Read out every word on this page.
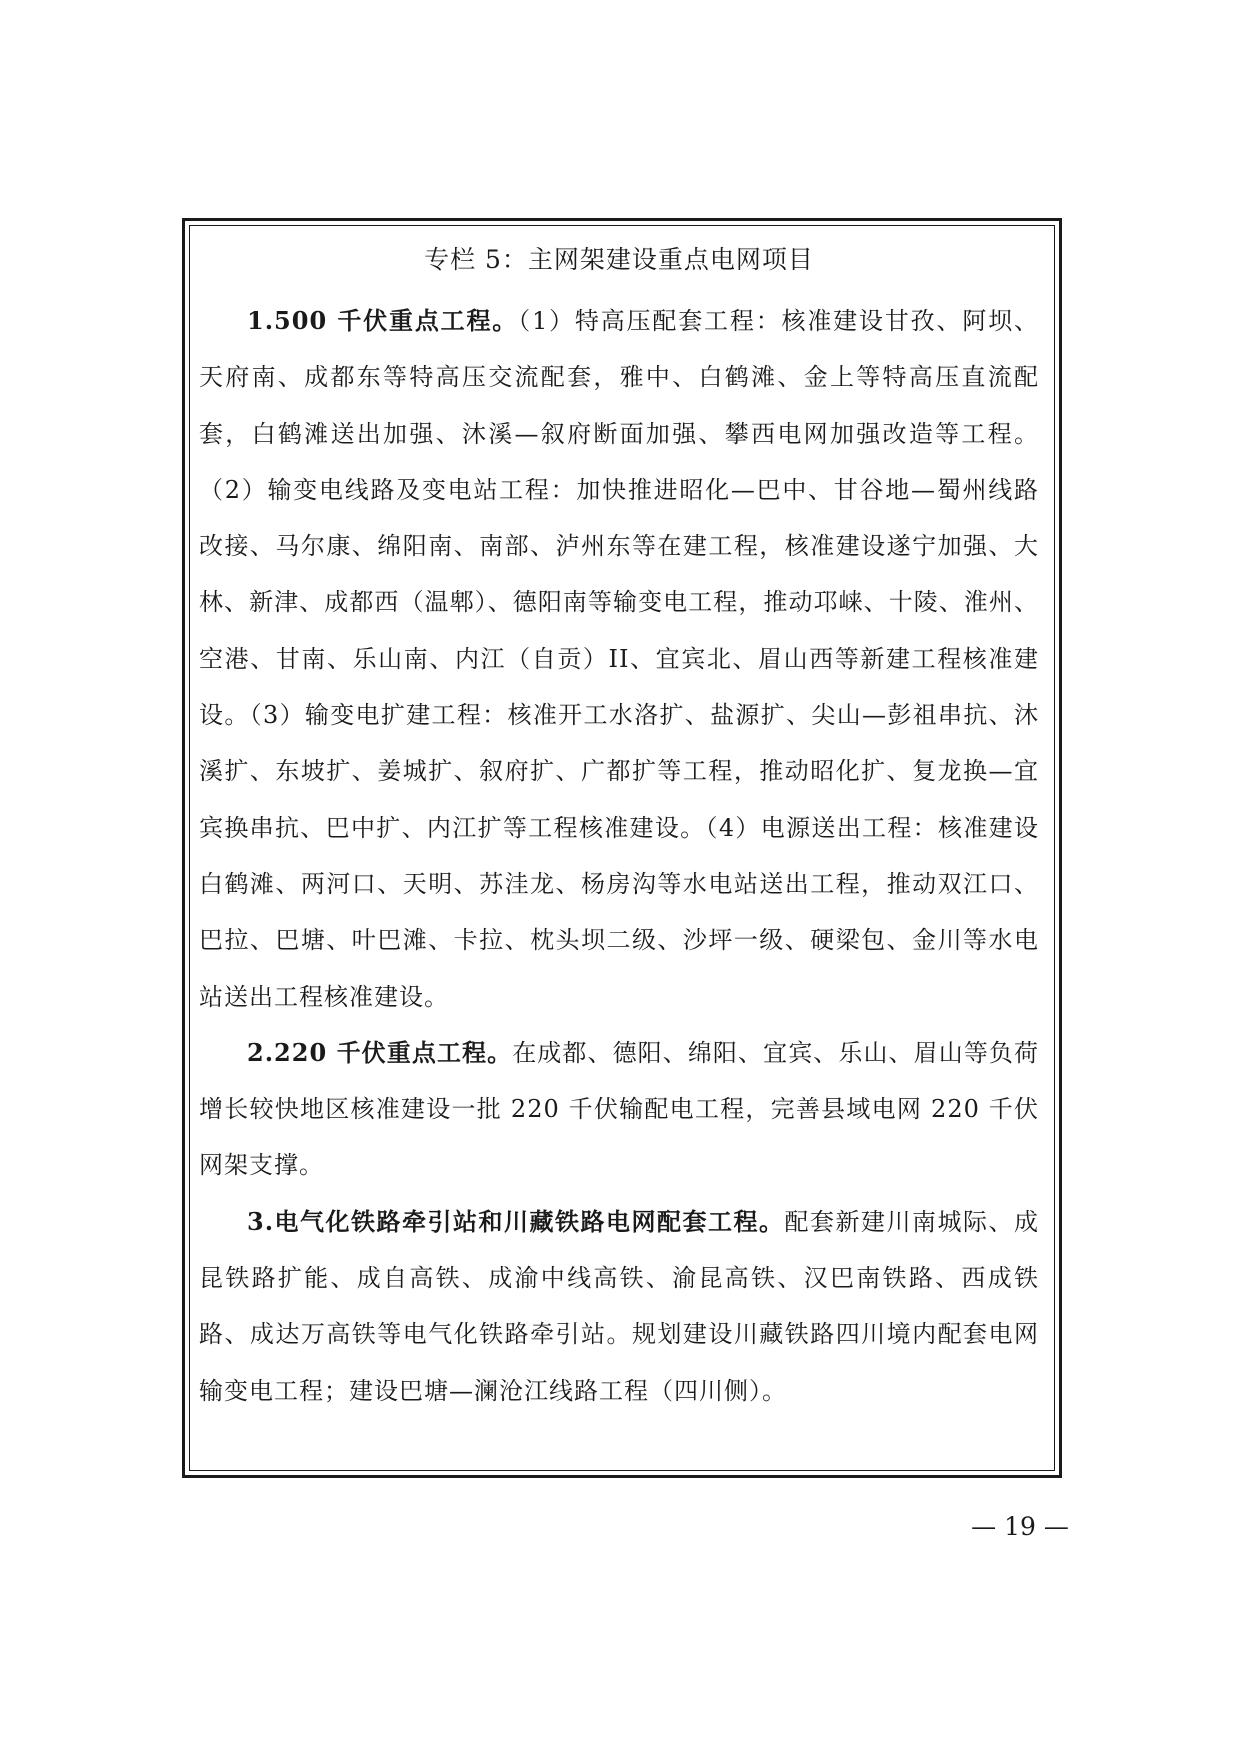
专栏 5：主网架建设重点电网项目

1.500 千伏重点工程。（1）特高压配套工程：核准建设甘孜、阿坝、天府南、成都东等特高压交流配套，雅中、白鹤滩、金上等特高压直流配套，白鹤滩送出加强、沐溪—叙府断面加强、攀西电网加强改造等工程。（2）输变电线路及变电站工程：加快推进昭化—巴中、甘谷地—蜀州线路改接、马尔康、绵阳南、南部、泸州东等在建工程，核准建设遂宁加强、大林、新津、成都西（温郫）、德阳南等输变电工程，推动邛崃、十陵、淮州、空港、甘南、乐山南、内江（自贡）II、宜宾北、眉山西等新建工程核准建设。（3）输变电扩建工程：核准开工水洛扩、盐源扩、尖山—彭祖串抗、沐溪扩、东坡扩、姜城扩、叙府扩、广都扩等工程，推动昭化扩、复龙换—宜宾换串抗、巴中扩、内江扩等工程核准建设。（4）电源送出工程：核准建设白鹤滩、两河口、天明、苏洼龙、杨房沟等水电站送出工程，推动双江口、巴拉、巴塘、叶巴滩、卡拉、枕头坝二级、沙坪一级、硬梁包、金川等水电站送出工程核准建设。

2.220 千伏重点工程。在成都、德阳、绵阳、宜宾、乐山、眉山等负荷增长较快地区核准建设一批 220 千伏输配电工程，完善县域电网 220 千伏网架支撑。

3.电气化铁路牵引站和川藏铁路电网配套工程。配套新建川南城际、成昆铁路扩能、成自高铁、成渝中线高铁、渝昆高铁、汉巴南铁路、西成铁路、成达万高铁等电气化铁路牵引站。规划建设川藏铁路四川境内配套电网输变电工程；建设巴塘—澜沧江线路工程（四川侧）。

— 19 —
